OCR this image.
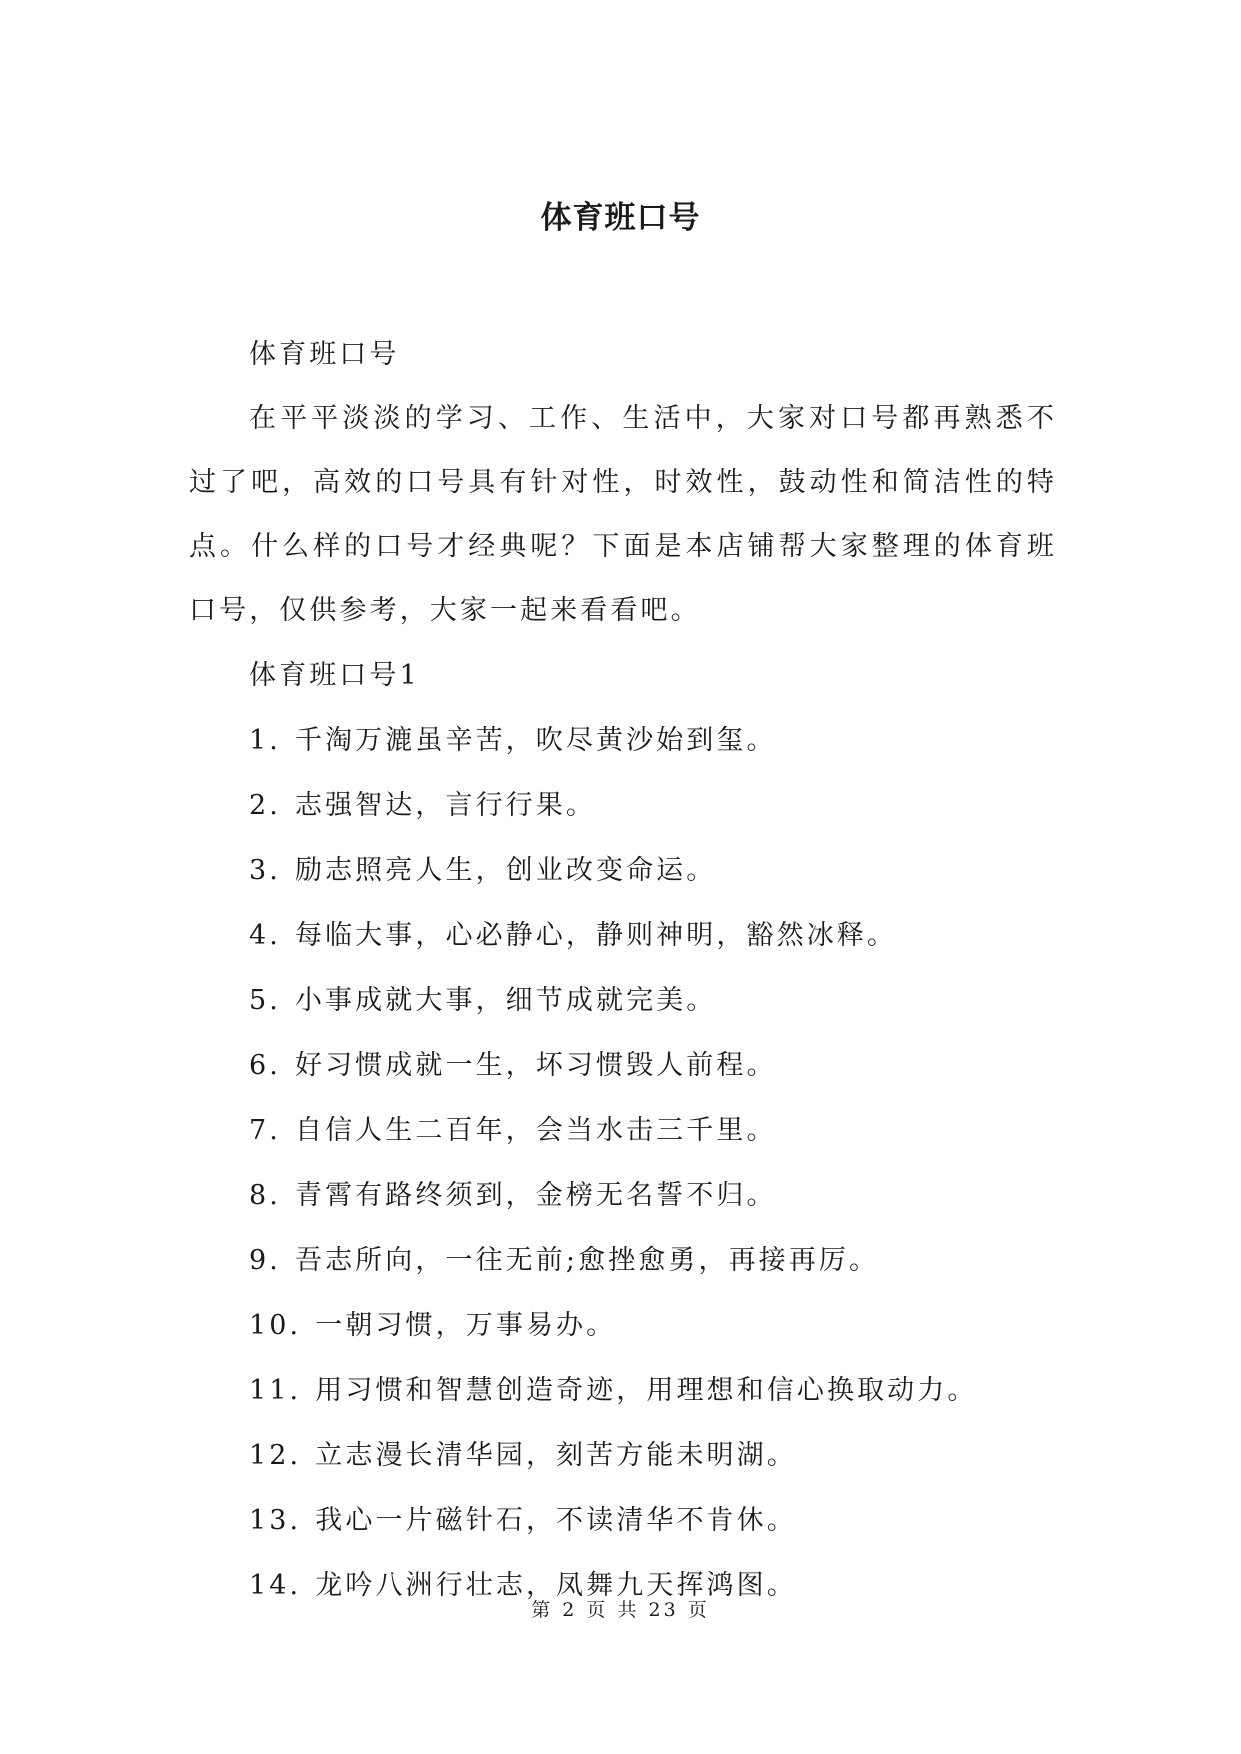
体育班口号

体育班口号

在平平淡淡的学习、工作、生活中，大家对口号都再熟悉不过了吧，高效的口号具有针对性，时效性，鼓动性和简洁性的特点。什么样的口号才经典呢？下面是本店铺帮大家整理的体育班口号，仅供参考，大家一起来看看吧。

体育班口号1

1. 千淘万漉虽辛苦，吹尽黄沙始到玺。

2. 志强智达，言行行果。

3. 励志照亮人生，创业改变命运。

4. 每临大事，心必静心，静则神明，豁然冰释。

5. 小事成就大事，细节成就完美。

6. 好习惯成就一生，坏习惯毁人前程。

7. 自信人生二百年，会当水击三千里。

8. 青霄有路终须到，金榜无名誓不归。

9. 吾志所向，一往无前;愈挫愈勇，再接再厉。

10. 一朝习惯，万事易办。

11. 用习惯和智慧创造奇迹，用理想和信心换取动力。

12. 立志漫长清华园，刻苦方能未明湖。

13. 我心一片磁针石，不读清华不肯休。

14. 龙吟八洲行壮志，凤舞九天挥鸿图。

第 2 页 共 23 页
